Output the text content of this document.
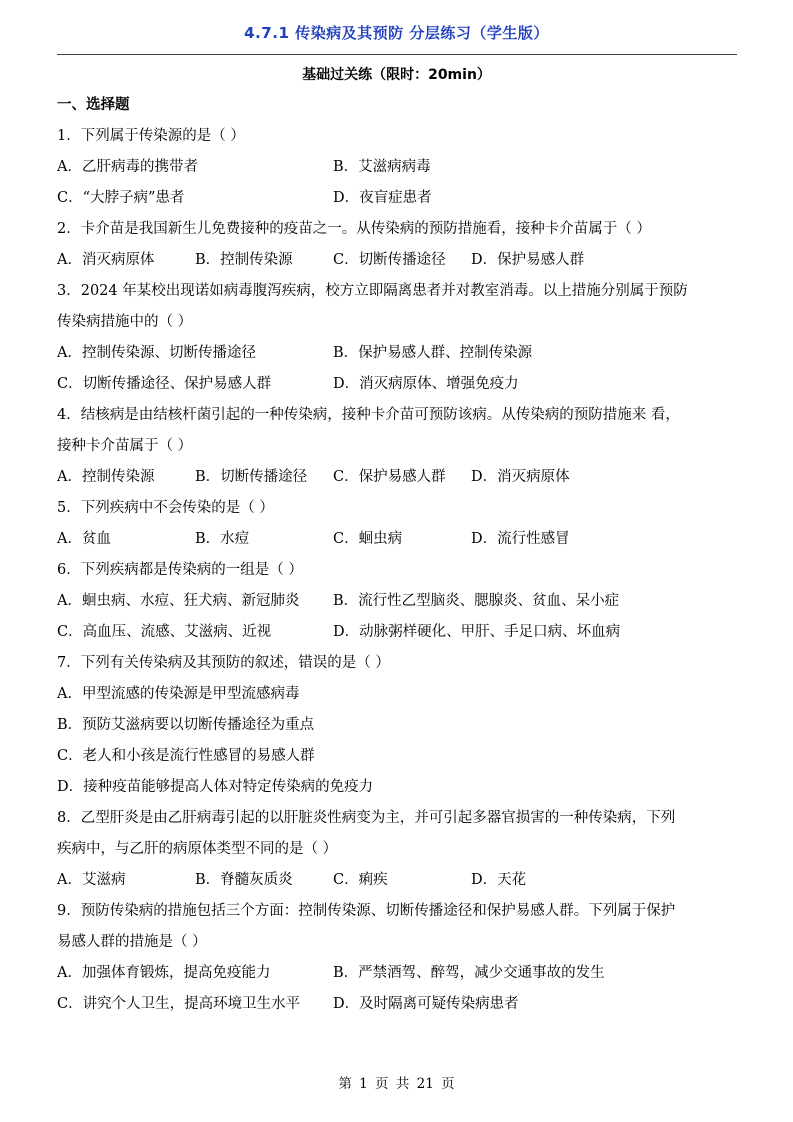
4.7.1 传染病及其预防 分层练习（学生版）
基础过关练（限时：20min）
一、选择题
1．下列属于传染源的是（ ）
A．乙肝病毒的携带者	B．艾滋病病毒
C．“大脖子病”患者	D．夜盲症患者
2．卡介苗是我国新生儿免费接种的疫苗之一。从传染病的预防措施看，接种卡介苗属于（ ）
A．消灭病原体	B．控制传染源	C．切断传播途径	D．保护易感人群
3．2024 年某校出现诺如病毒腹泻疾病，校方立即隔离患者并对教室消毒。以上措施分别属于预防
传染病措施中的（ ）
A．控制传染源、切断传播途径	B．保护易感人群、控制传染源
C．切断传播途径、保护易感人群	D．消灭病原体、增强免疫力
4．结核病是由结核杆菌引起的一种传染病，接种卡介苗可预防该病。从传染病的预防措施来 看，
接种卡介苗属于（ ）
A．控制传染源	B．切断传播途径	C．保护易感人群	D．消灭病原体
5．下列疾病中不会传染的是（ ）
A．贫血	B．水痘	C．蛔虫病	D．流行性感冒
6．下列疾病都是传染病的一组是（ ）
A．蛔虫病、水痘、狂犬病、新冠肺炎	B．流行性乙型脑炎、腮腺炎、贫血、呆小症
C．高血压、流感、艾滋病、近视	D．动脉粥样硬化、甲肝、手足口病、坏血病
7．下列有关传染病及其预防的叙述，错误的是（ ）
A．甲型流感的传染源是甲型流感病毒
B．预防艾滋病要以切断传播途径为重点
C．老人和小孩是流行性感冒的易感人群
D．接种疫苗能够提高人体对特定传染病的免疫力
8．乙型肝炎是由乙肝病毒引起的以肝脏炎性病变为主，并可引起多器官损害的一种传染病，下列
疾病中，与乙肝的病原体类型不同的是（ ）
A．艾滋病	B．脊髓灰质炎	C．痢疾	D．天花
9．预防传染病的措施包括三个方面：控制传染源、切断传播途径和保护易感人群。下列属于保护
易感人群的措施是（ ）
A．加强体育锻炼，提高免疫能力	B．严禁酒驾、醉驾，减少交通事故的发生
C．讲究个人卫生，提高环境卫生水平	D．及时隔离可疑传染病患者
第 1 页 共 21 页
